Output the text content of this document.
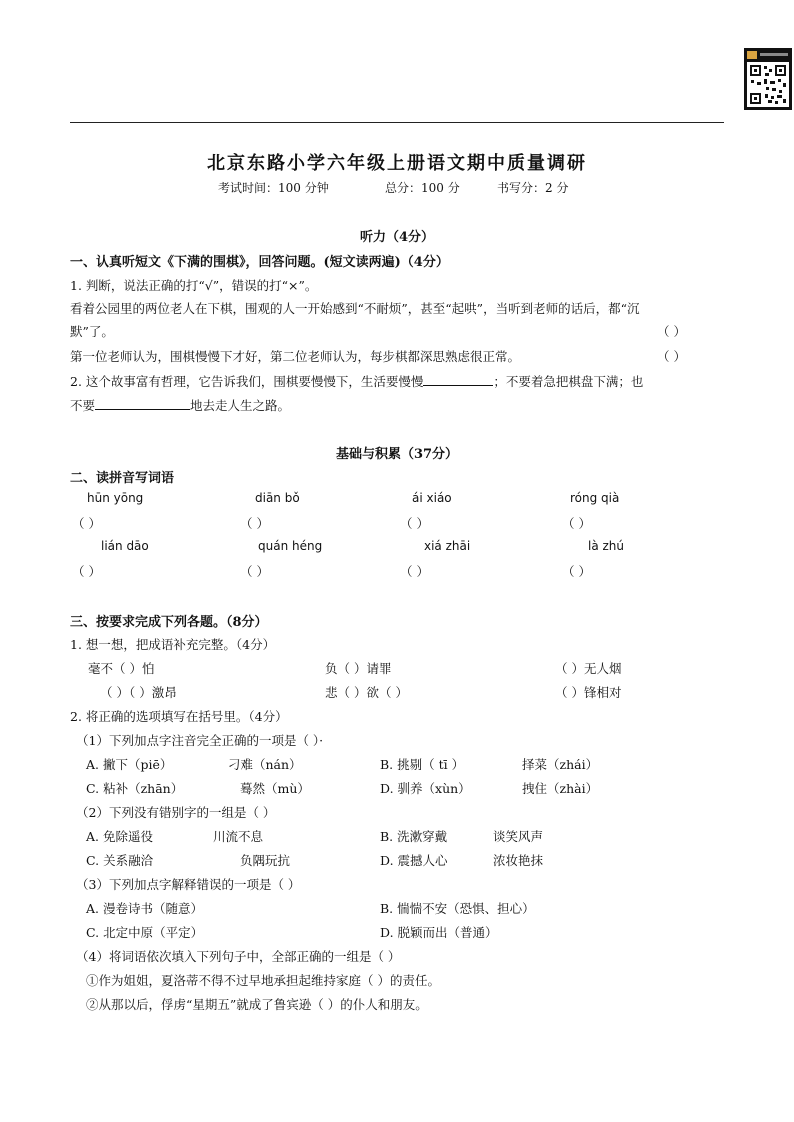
北京东路小学六年级上册语文期中质量调研
考试时间：100 分钟	总分：100 分	书写分：2 分
听力（4分）
一、认真听短文《下满的围棋》，回答问题。(短文读两遍)（4分）
1. 判断，说法正确的打“√”，错误的打“×”。
看着公园里的两位老人在下棋，围观的人一开始感到“不耐烦”，甚至“起哄”，当听到老师的话后，都“沉
默”了。	（ ）
第一位老师认为，围棋慢慢下才好，第二位老师认为，每步棋都深思熟虑很正常。	（ ）
2. 这个故事富有哲理，它告诉我们，围棋要慢慢下，生活要慢慢	；不要着急把棋盘下满；也
不要	地去走人生之路。
基础与积累（37分）
二、读拼音写词语
hūn yōng	diān bǒ	ái xiáo	róng qià
（ ）	（ ）	（ ）	（ ）
lián dāo	quán héng	xiá zhāi	là zhú
（ ）	（ ）	（ ）	（ ）
三、按要求完成下列各题。（8分）
1. 想一想，把成语补充完整。（4分）
毫不（ ）怕	负（ ）请罪	（ ）无人烟
（ ）（ ）激昂	悲（ ）欲（ ）	（ ）锋相对
2. 将正确的选项填写在括号里。（4分）
（1）下列加点字注音完全正确的一项是（ ）·
A. 撇下（piē）	刁难（nán）	B. 挑剔（ tī ）	择菜（zhái）
C. 粘补（zhān）	蓦然（mù）	D. 驯养（xùn）	拽住（zhài）
（2）下列没有错别字的一组是（ ）
A. 免除遥役	川流不息	B. 洗漱穿戴	谈笑风声
C. 关系融洽	负隅玩抗	D. 震撼人心	浓妆艳抹
（3）下列加点字解释错误的一项是（ ）
A. 漫卷诗书（随意）	B. 惴惴不安（恐惧、担心）
C. 北定中原（平定）	D. 脱颖而出（普通）
（4）将词语依次填入下列句子中，全部正确的一组是（ ）
①作为姐姐，夏洛蒂不得不过早地承担起维持家庭（ ）的责任。
②从那以后，俘虏“星期五”就成了鲁宾逊（ ）的仆人和朋友。
